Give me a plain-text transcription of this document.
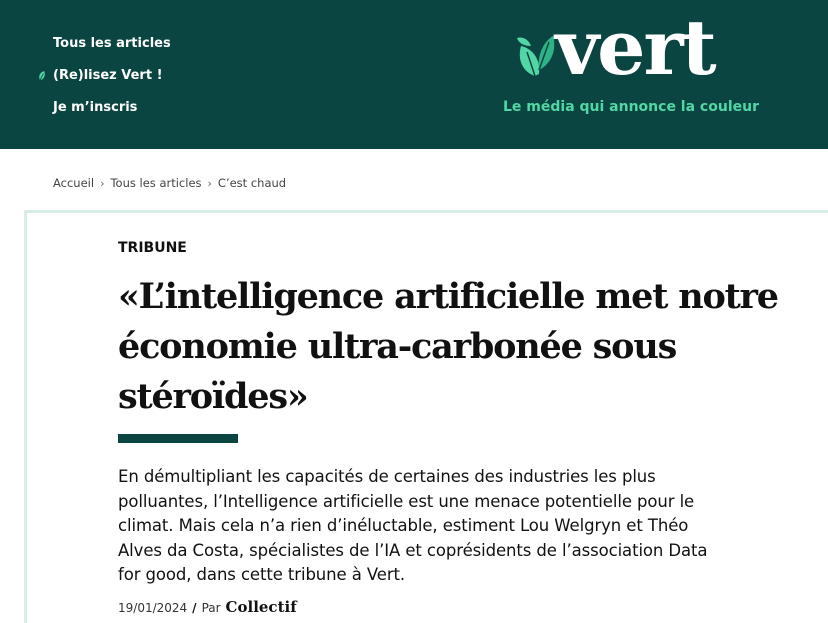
Tous les articles
(Re)lisez Vert !
Je m’inscris
vert
Le média qui annonce la couleur
Accueil › Tous les articles › C’est chaud
TRIBUNE
«L’intelligence artificielle met notre
économie ultra-carbonée sous
stéroïdes»
En démultipliant les capacités de certaines des industries les plus
polluantes, l’Intelligence artificielle est une menace potentielle pour le
climat. Mais cela n’a rien d’inéluctable, estiment Lou Welgryn et Théo
Alves da Costa, spécialistes de l’IA et coprésidents de l’association Data
for good, dans cette tribune à Vert.
19/01/2024 / Par Collectif
